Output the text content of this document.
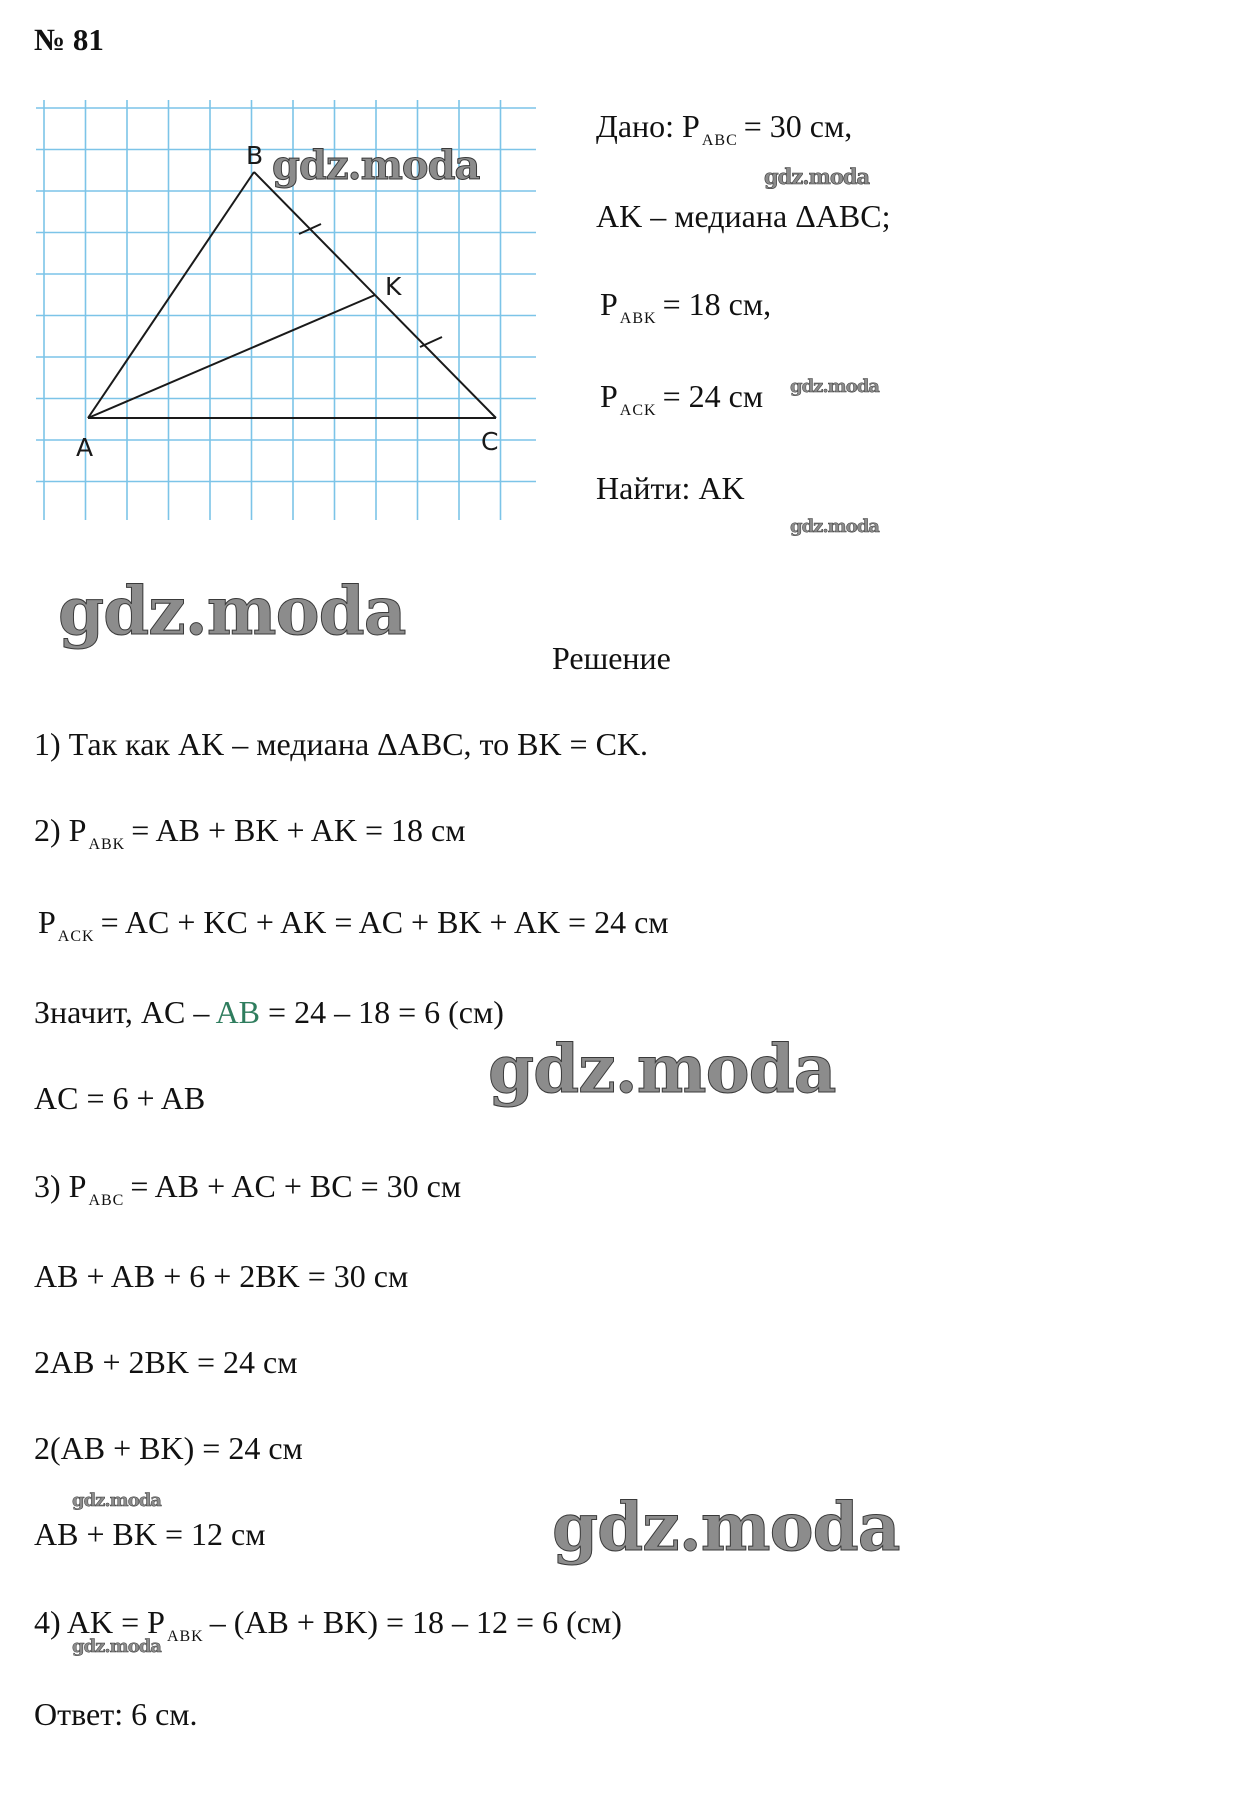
№ 81
A
B
C
K
Дано: P $_{ABC}$ = 30 см,
AK – медиана ΔABC;
P $_{ABK}$ = 18 см,
P $_{ACK}$ = 24 см
Найти: AK
Решение
1) Так как AK – медиана ΔABC, то BK = CK.
2) P $_{ABK}$ = AB + BK + AK = 18 см
P $_{ACK}$ = AC + KC + AK = AC + BK + AK = 24 см
Значит, AC – AB = 24 – 18 = 6 (см)
AC = 6 + AB
3) P $_{ABC}$ = AB + AC + BC = 30 см
AB + AB + 6 + 2BK = 30 см
2AB + 2BK = 24 см
2(AB + BK) = 24 см
AB + BK = 12 см
4) AK = P $_{ABK}$ – (AB + BK) = 18 – 12 = 6 (см)
Ответ: 6 см.
gdz.moda	gdz.moda
gdz.moda
gdz.moda
gdz.moda
gdz.moda
gdz.moda	gdz.moda
gdz.moda
